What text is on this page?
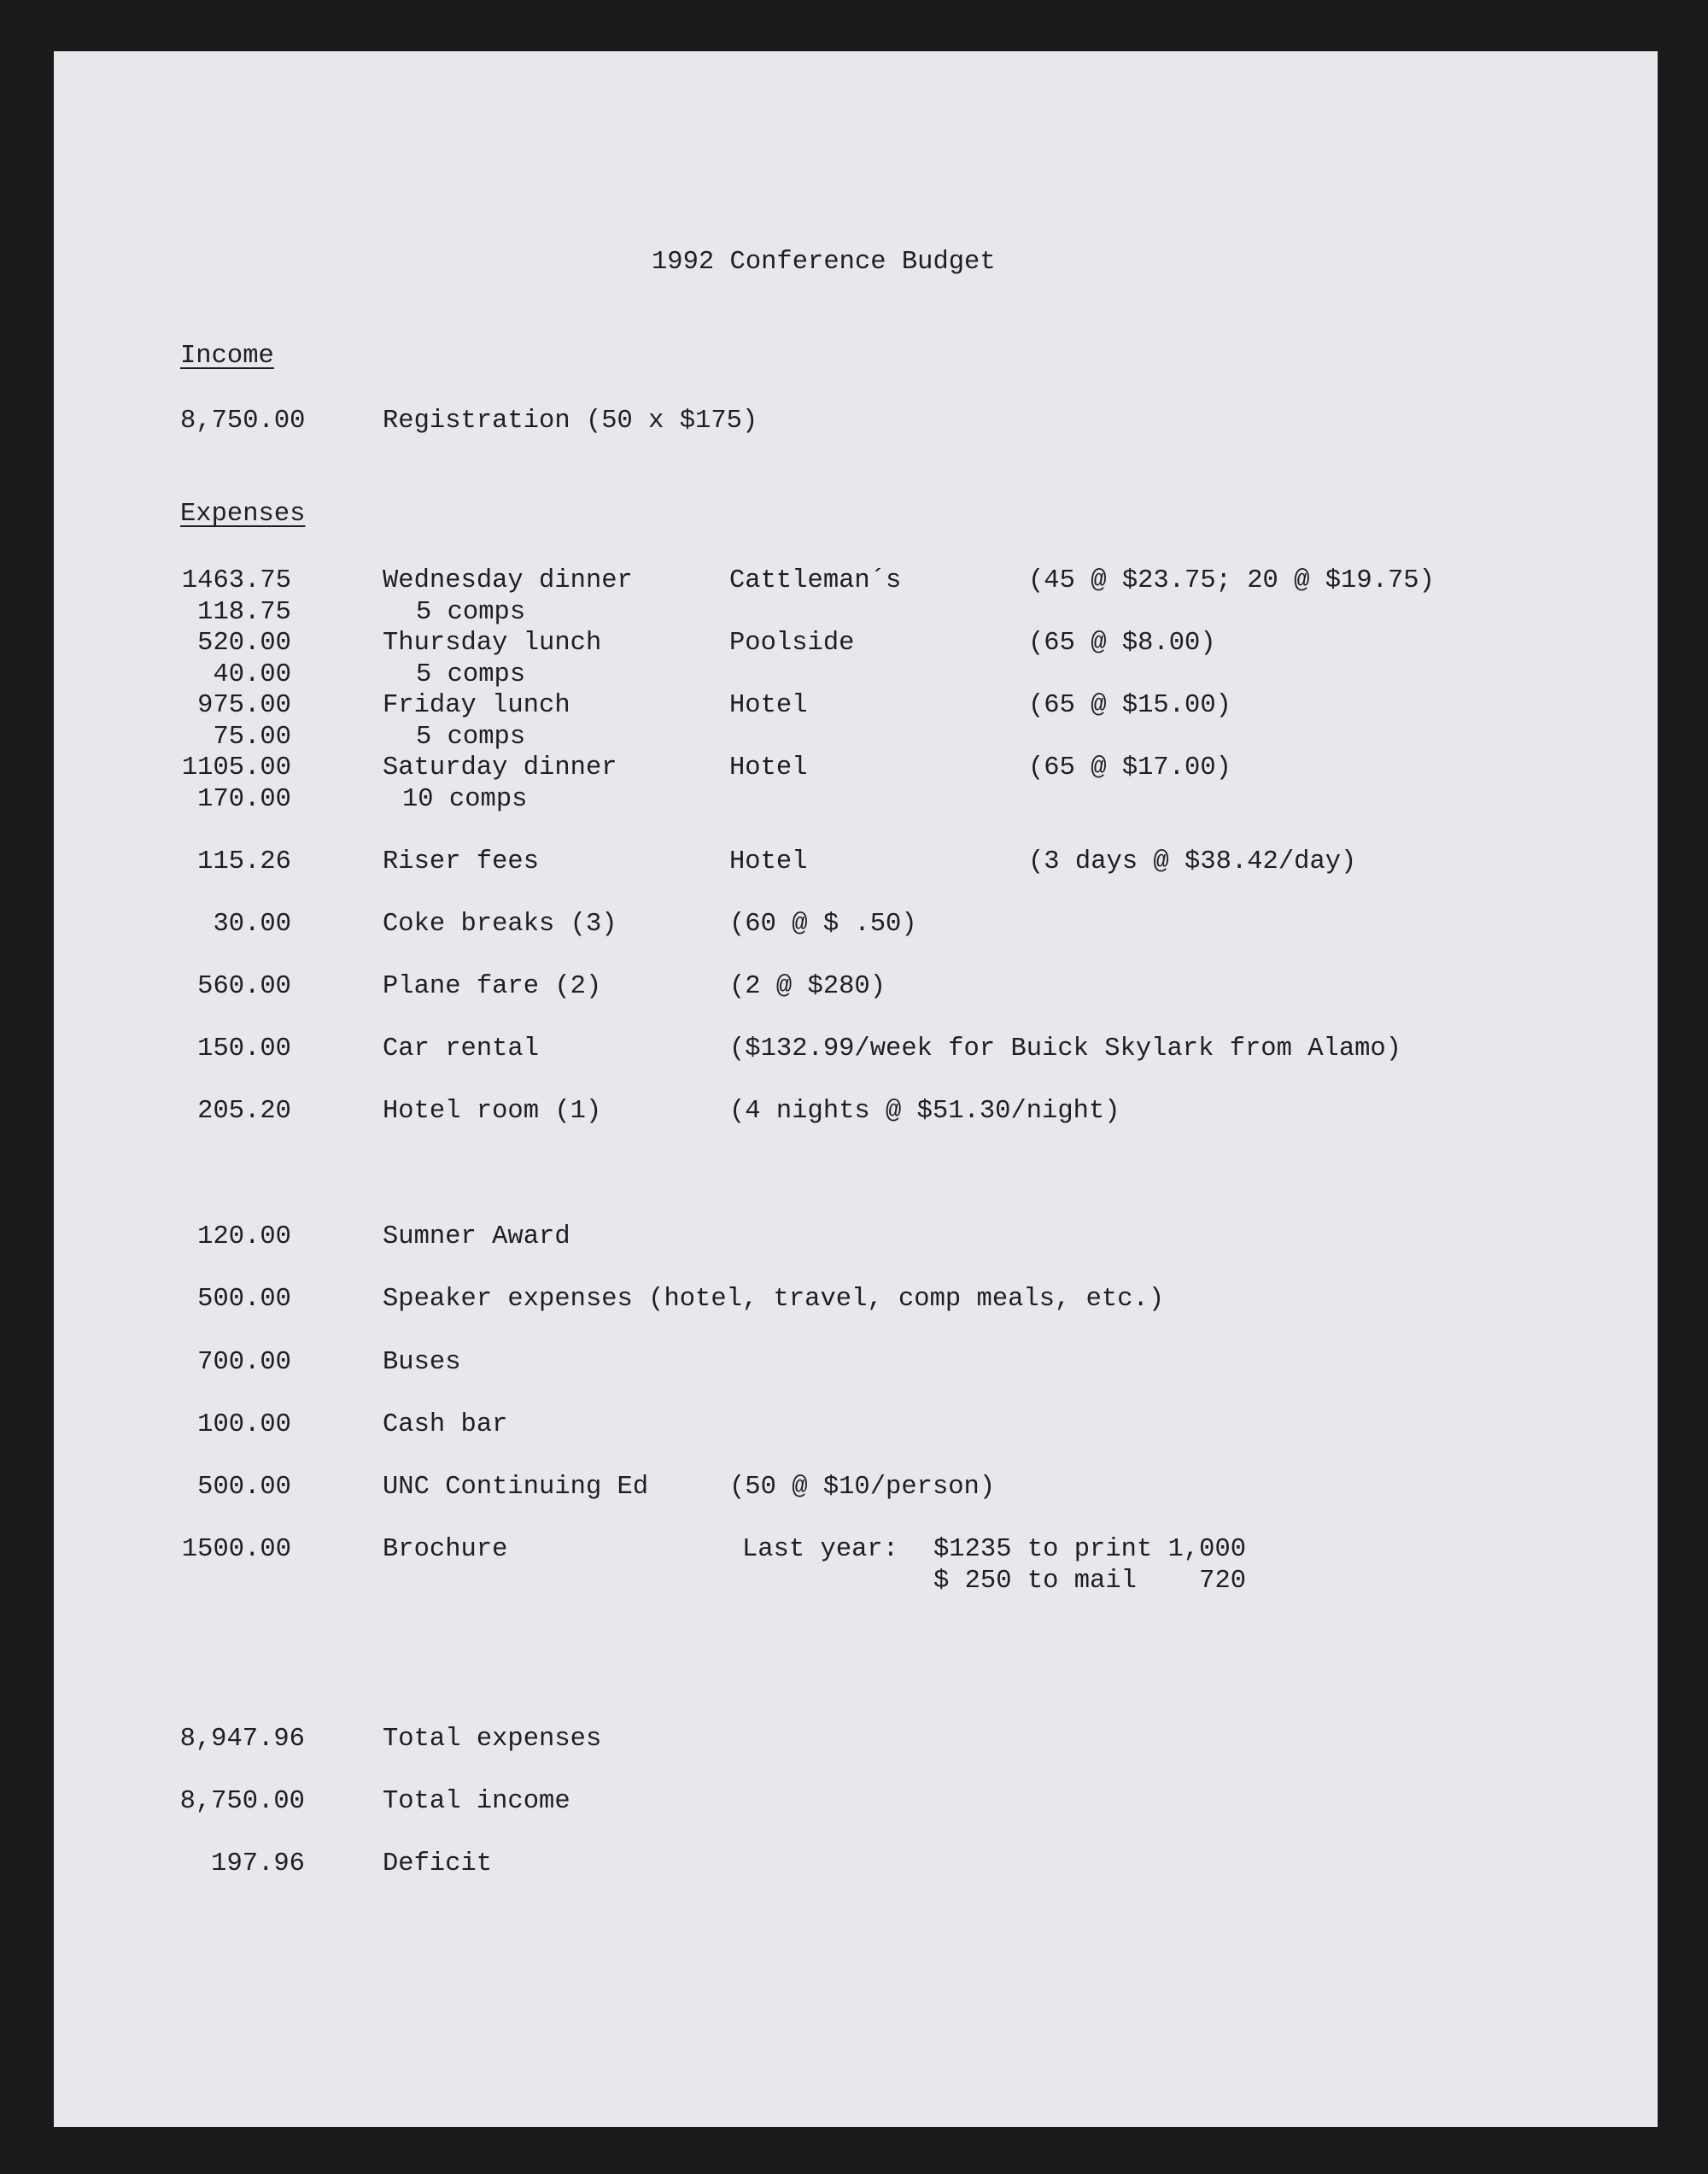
1992 Conference Budget
Income
8,750.00	Registration (50 x $175)
Expenses
1463.75	Wednesday dinner	Cattleman´s	(45 @ $23.75; 20 @ $19.75)
118.75	5 comps
520.00	Thursday lunch	Poolside	(65 @ $8.00)
40.00	5 comps
975.00	Friday lunch	Hotel	(65 @ $15.00)
75.00	5 comps
1105.00	Saturday dinner	Hotel	(65 @ $17.00)
170.00	10 comps
115.26	Riser fees	Hotel	(3 days @ $38.42/day)
30.00	Coke breaks (3)	(60 @ $ .50)
560.00	Plane fare (2)	(2 @ $280)
150.00	Car rental	($132.99/week for Buick Skylark from Alamo)
205.20	Hotel room (1)	(4 nights @ $51.30/night)
120.00	Sumner Award
500.00	Speaker expenses (hotel, travel, comp meals, etc.)
700.00	Buses
100.00	Cash bar
500.00	UNC Continuing Ed	(50 @ $10/person)
1500.00	Brochure	Last year: $1235 to print 1,000
$ 250 to mail    720
8,947.96	Total expenses
8,750.00	Total income
197.96	Deficit
